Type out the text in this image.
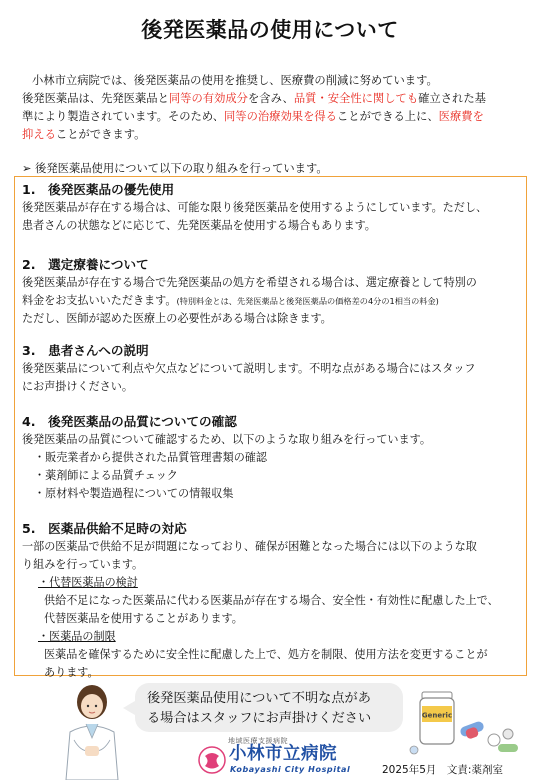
後発医薬品の使用について
小林市立病院では、後発医薬品の使用を推奨し、医療費の削減に努めています。
後発医薬品は、先発医薬品と同等の有効成分を含み、品質・安全性に関しても確立された基
準により製造されています。そのため、同等の治療効果を得ることができる上に、医療費を
抑えることができます。
➢ 後発医薬品使用について以下の取り組みを行っています。
1.　後発医薬品の優先使用

後発医薬品が存在する場合は、可能な限り後発医薬品を使用するようにしています。ただし、

患者さんの状態などに応じて、先発医薬品を使用する場合もあります。

2.　選定療養について

後発医薬品が存在する場合で先発医薬品の処方を希望される場合は、選定療養として特別の

料金をお支払いいただきます。(特別料金とは、先発医薬品と後発医薬品の価格差の4分の1相当の料金)

ただし、医師が認めた医療上の必要性がある場合は除きます。

3.　患者さんへの説明

後発医薬品について利点や欠点などについて説明します。不明な点がある場合にはスタッフ

にお声掛けください。

4.　後発医薬品の品質についての確認

後発医薬品の品質について確認するため、以下のような取り組みを行っています。

・販売業者から提供された品質管理書類の確認
・薬剤師による品質チェック
・原材料や製造過程についての情報収集
5.　医薬品供給不足時の対応

一部の医薬品で供給不足が問題になっており、確保が困難となった場合には以下のような取

り組みを行っています。

・代替医薬品の検討

供給不足になった医薬品に代わる医薬品が存在する場合、安全性・有効性に配慮した上で、

代替医薬品を使用することがあります。

・医薬品の制限

医薬品を確保するために安全性に配慮した上で、処方を制限、使用方法を変更することが

あります。

後発医薬品使用について不明な点があ
る場合はスタッフにお声掛けください	Generic
地域医療支援病院
小林市立病院
Kobayashi City Hospital	2025年5月　文責:薬剤室
